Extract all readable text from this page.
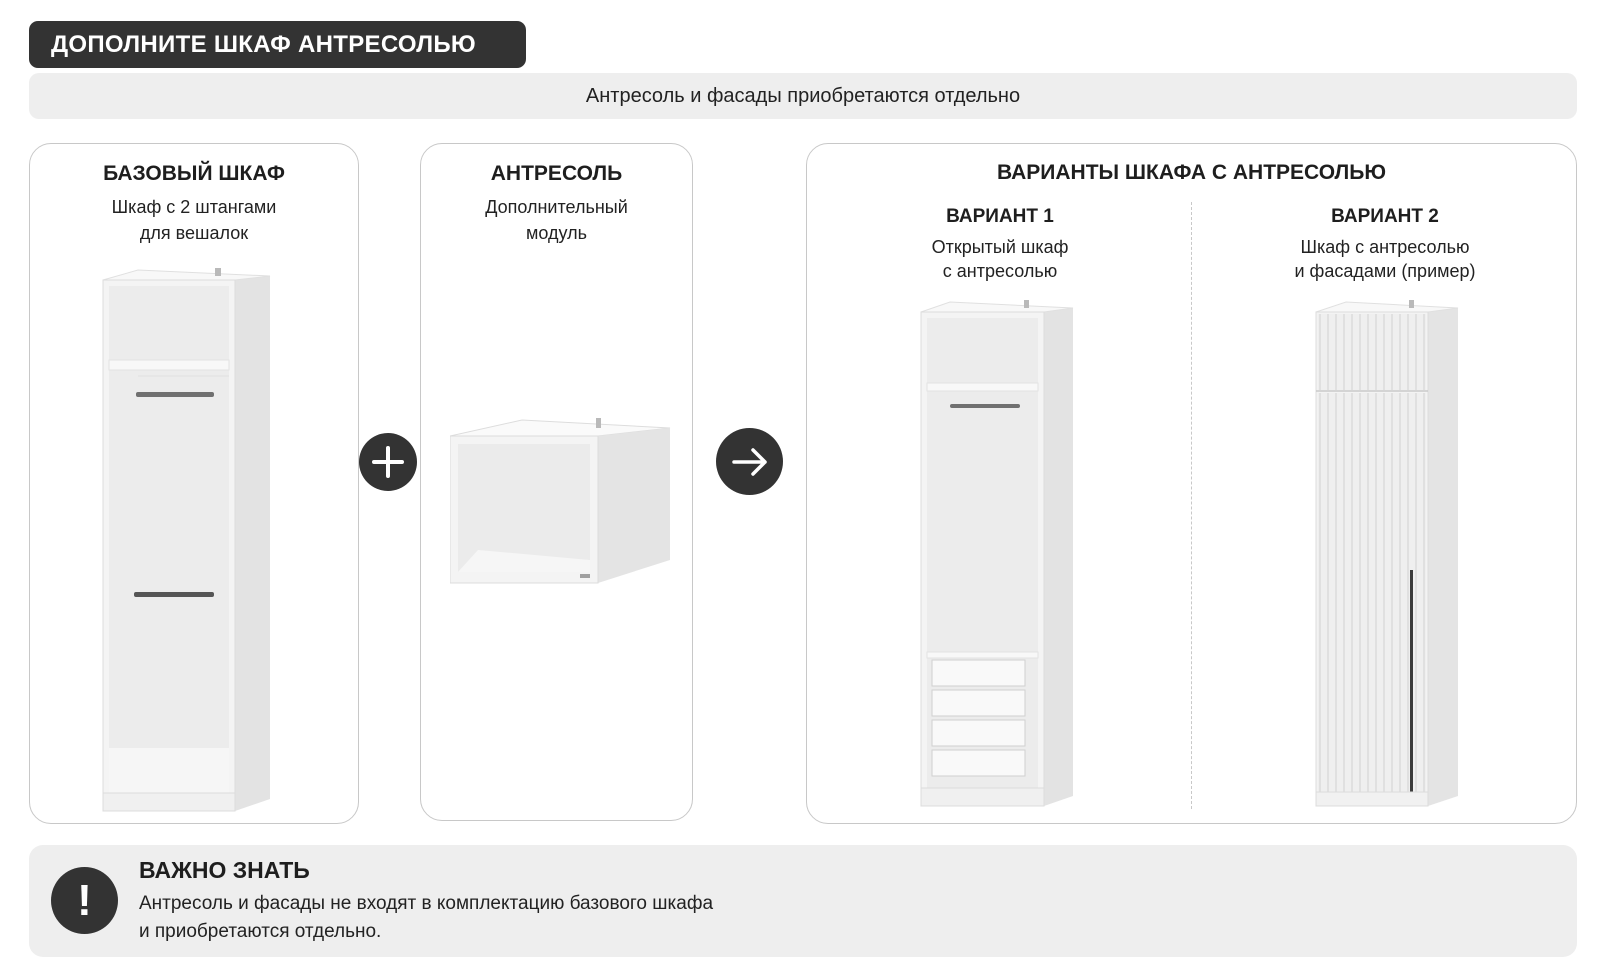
ДОПОЛНИТЕ ШКАФ АНТРЕСОЛЬЮ
Антресоль и фасады приобретаются отдельно
БАЗОВЫЙ ШКАФ
Шкаф с 2 штангами
для вешалок
АНТРЕСОЛЬ
Дополнительный
модуль
ВАРИАНТЫ ШКАФА С АНТРЕСОЛЬЮ
ВАРИАНТ 1
Открытый шкаф
с антресолью
ВАРИАНТ 2
Шкаф с антресолью
и фасадами (пример)
!
ВАЖНО ЗНАТЬ
Антресоль и фасады не входят в комплектацию базового шкафа
и приобретаются отдельно.
